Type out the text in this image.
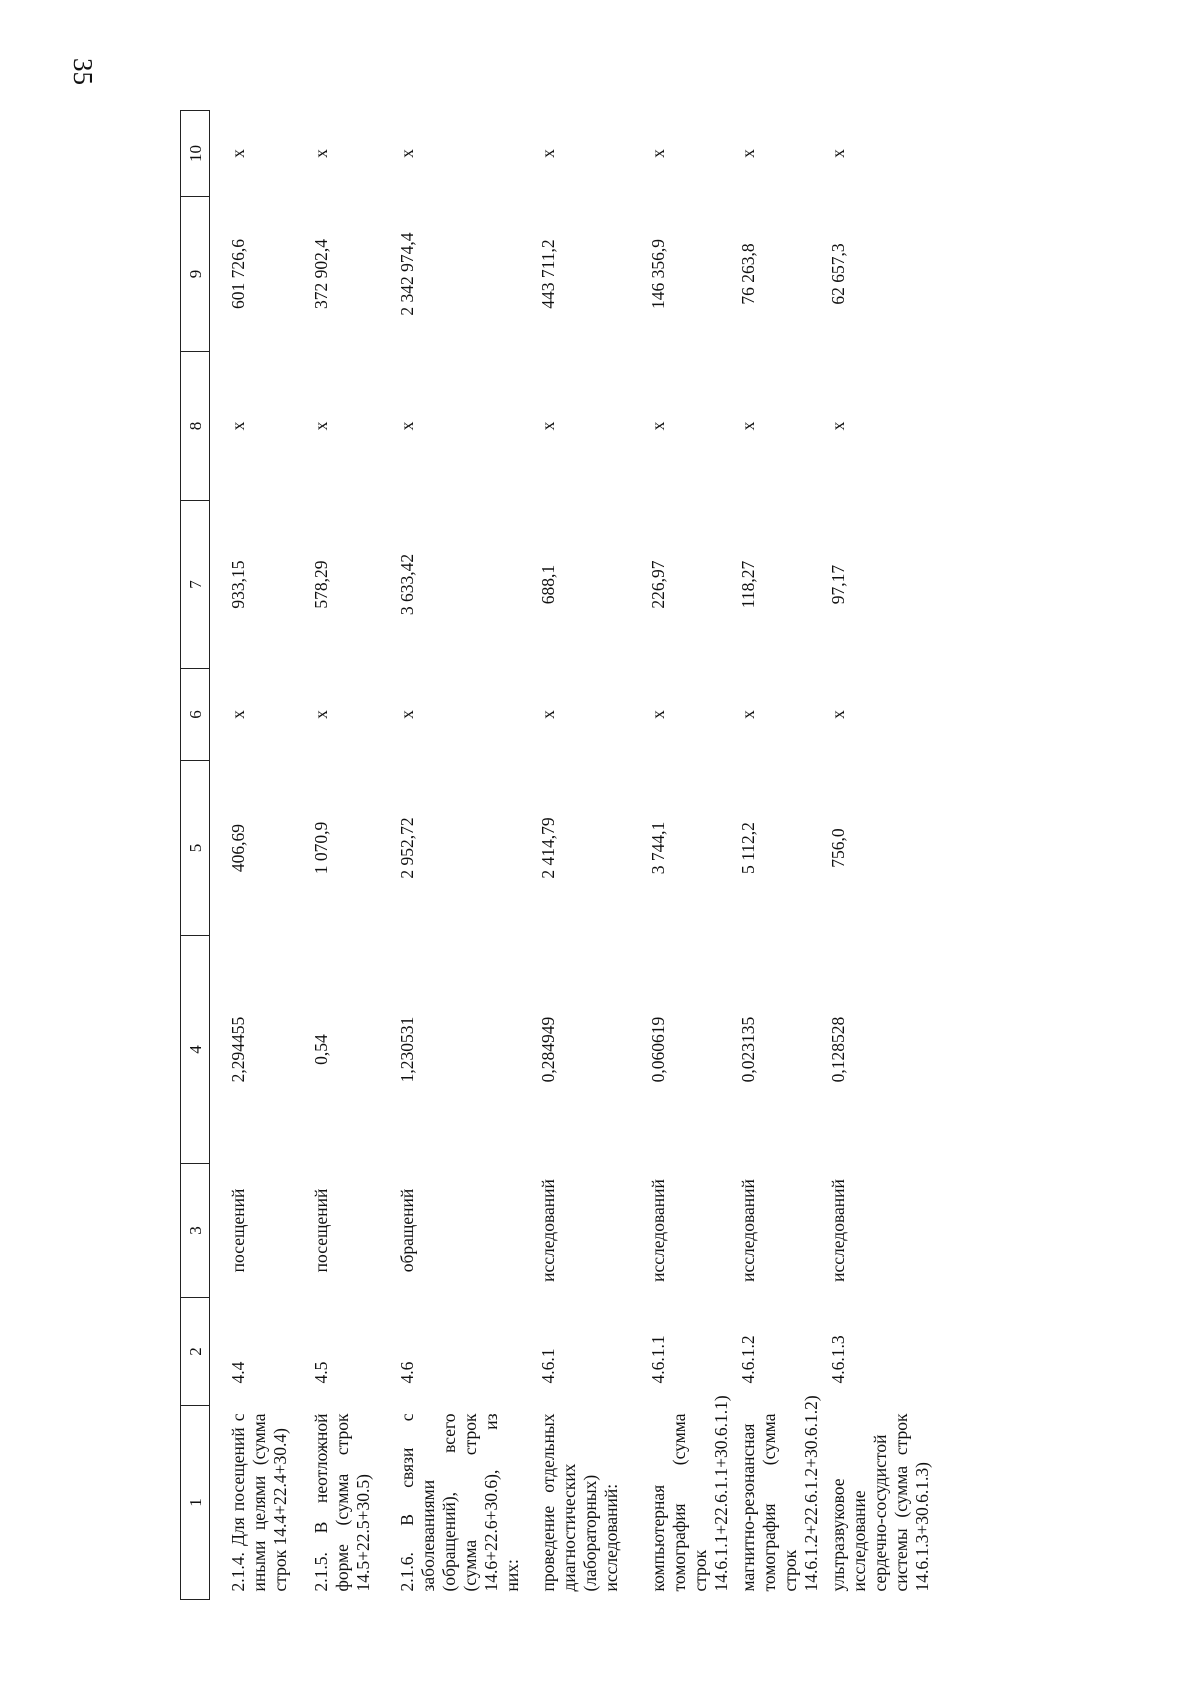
35
1	2	3	4	5	6	7	8	9	10
2.1.4. Для посещений с иными целями (сумма строк 14.4+22.4+30.4)	4.4	посещений	2,294455	406,69	х	933,15	х	601 726,6	х
2.1.5. В неотложной форме (сумма строк 14.5+22.5+30.5)	4.5	посещений	0,54	1 070,9	х	578,29	х	372 902,4	х
2.1.6. В связи с заболеваниями (обращений), всего (сумма строк 14.6+22.6+30.6), из них:	4.6	обращений	1,230531	2 952,72	х	3 633,42	х	2 342 974,4	х
проведение отдельных диагностических (лабораторных) исследований:	4.6.1	исследований	0,284949	2 414,79	х	688,1	х	443 711,2	х
компьютерная томография (сумма строк 14.6.1.1+22.6.1.1+30.6.1.1)	4.6.1.1	исследований	0,060619	3 744,1	х	226,97	х	146 356,9	х
магнитно-резонансная томография (сумма строк 14.6.1.2+22.6.1.2+30.6.1.2)	4.6.1.2	исследований	0,023135	5 112,2	х	118,27	х	76 263,8	х
ультразвуковое исследование сердечно-сосудистой системы (сумма строк 14.6.1.3+30.6.1.3)	4.6.1.3	исследований	0,128528	756,0	х	97,17	х	62 657,3	х
